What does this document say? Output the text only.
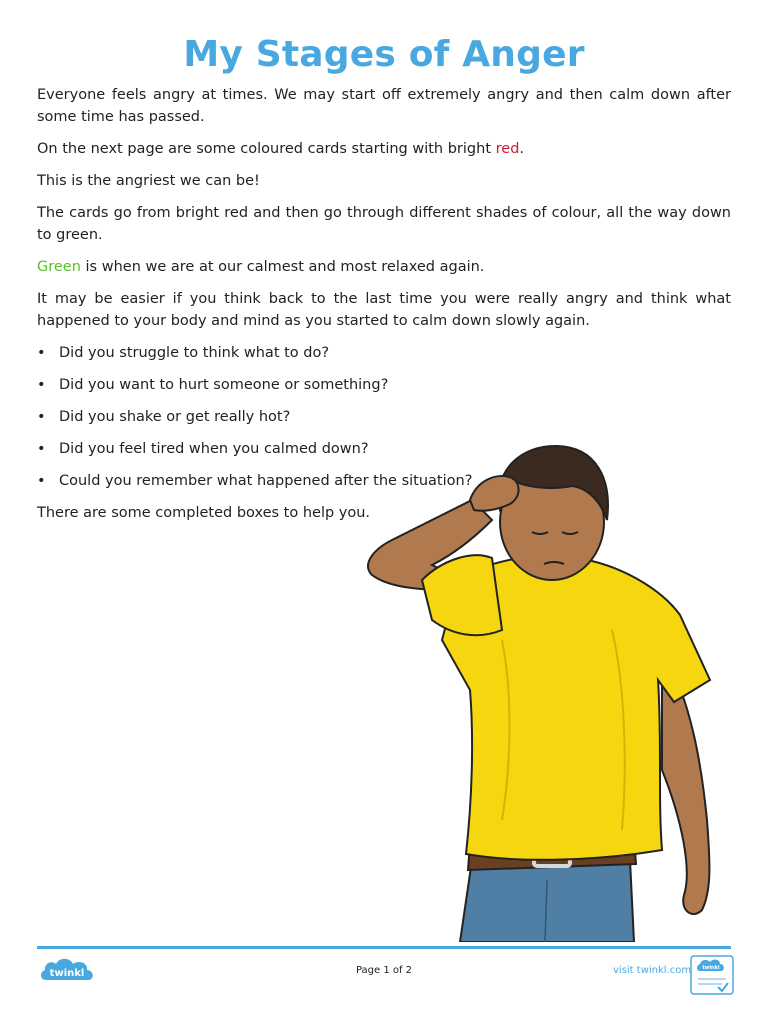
My Stages of Anger

Everyone feels angry at times. We may start off extremely angry and then calm down after some time has passed.

On the next page are some coloured cards starting with bright red.

This is the angriest we can be!

The cards go from bright red and then go through different shades of colour, all the way down to green.

Green is when we are at our calmest and most relaxed again.

It may be easier if you think back to the last time you were really angry and think what happened to your body and mind as you started to calm down slowly again.

• Did you struggle to think what to do?
• Did you want to hurt someone or something?
• Did you shake or get really hot?
• Did you feel tired when you calmed down?
• Could you remember what happened after the situation?

There are some completed boxes to help you.

twinkl	Page 1 of 2	visit twinkl.com twinkl
